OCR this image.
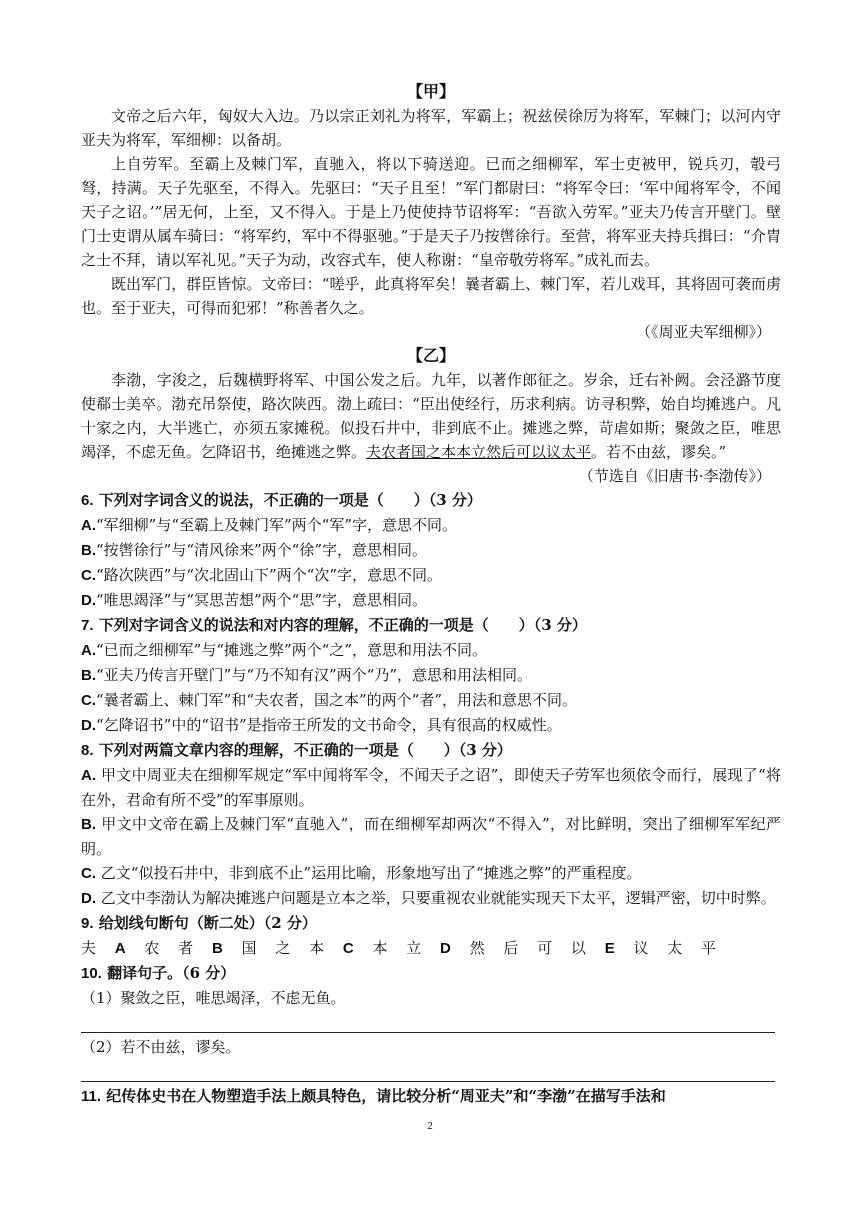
【甲】

文帝之后六年，匈奴大入边。乃以宗正刘礼为将军，军霸上；祝兹侯徐厉为将军，军棘门；以河内守亚夫为将军，军细柳：以备胡。

上自劳军。至霸上及棘门军，直驰入，将以下骑送迎。已而之细柳军，军士吏被甲，锐兵刃，彀弓弩，持满。天子先驱至，不得入。先驱曰：“天子且至！”军门都尉曰：“将军令曰：‘军中闻将军令，不闻天子之诏。’”居无何，上至，又不得入。于是上乃使使持节诏将军：“吾欲入劳军。”亚夫乃传言开壁门。壁门士吏谓从属车骑曰：“将军约，军中不得驱驰。”于是天子乃按辔徐行。至营，将军亚夫持兵揖曰：“介胄之士不拜，请以军礼见。”天子为动，改容式车，使人称谢：“皇帝敬劳将军。”成礼而去。

既出军门，群臣皆惊。文帝曰：“嗟乎，此真将军矣！曩者霸上、棘门军，若儿戏耳，其将固可袭而虏也。至于亚夫，可得而犯邪！”称善者久之。

（《周亚夫军细柳》）

【乙】

李渤，字浚之，后魏横野将军、中国公发之后。九年，以著作郎征之。岁余，迁右补阙。会泾潞节度使郗士美卒。渤充吊祭使，路次陕西。渤上疏曰：“臣出使经行，历求利病。访寻积弊，始自均摊逃户。凡十家之内，大半逃亡，亦须五家摊税。似投石井中，非到底不止。摊逃之弊，苛虐如斯；聚敛之臣，唯思竭泽，不虑无鱼。乞降诏书，绝摊逃之弊。夫农者国之本本立然后可以议太平。若不由兹，谬矣。”

（节选自《旧唐书·李渤传》）

6. 下列对字词含义的说法，不正确的一项是（　　）（3 分）

A.“军细柳”与“至霸上及棘门军”两个“军”字，意思不同。

B.“按辔徐行”与“清风徐来”两个“徐”字，意思相同。

C.“路次陕西”与“次北固山下”两个“次”字，意思不同。

D.“唯思竭泽”与“冥思苦想”两个“思”字，意思相同。

7. 下列对字词含义的说法和对内容的理解，不正确的一项是（　　）（3 分）

A.“已而之细柳军”与“摊逃之弊”两个“之”，意思和用法不同。

B.“亚夫乃传言开壁门”与“乃不知有汉”两个“乃”，意思和用法相同。

C.“曩者霸上、棘门军”和“夫农者，国之本”的两个“者”，用法和意思不同。

D.“乞降诏书”中的“诏书”是指帝王所发的文书命令，具有很高的权威性。

8. 下列对两篇文章内容的理解，不正确的一项是（　　）（3 分）

A. 甲文中周亚夫在细柳军规定“军中闻将军令，不闻天子之诏”，即使天子劳军也须依令而行，展现了“将在外，君命有所不受”的军事原则。

B. 甲文中文帝在霸上及棘门军“直驰入”，而在细柳军却两次“不得入”，对比鲜明，突出了细柳军军纪严明。

C. 乙文“似投石井中，非到底不止”运用比喻，形象地写出了“摊逃之弊”的严重程度。

D. 乙文中李渤认为解决摊逃户问题是立本之举，只要重视农业就能实现天下太平，逻辑严密，切中时弊。

9. 给划线句断句（断二处）（2 分）

夫 A 农 者 B 国 之 本 C 本 立 D 然 后 可 以 E 议 太 平

10. 翻译句子。（6 分）

（1）聚敛之臣，唯思竭泽，不虑无鱼。

（2）若不由兹，谬矣。

11. 纪传体史书在人物塑造手法上颇具特色，请比较分析“周亚夫”和“李渤”在描写手法和

2
